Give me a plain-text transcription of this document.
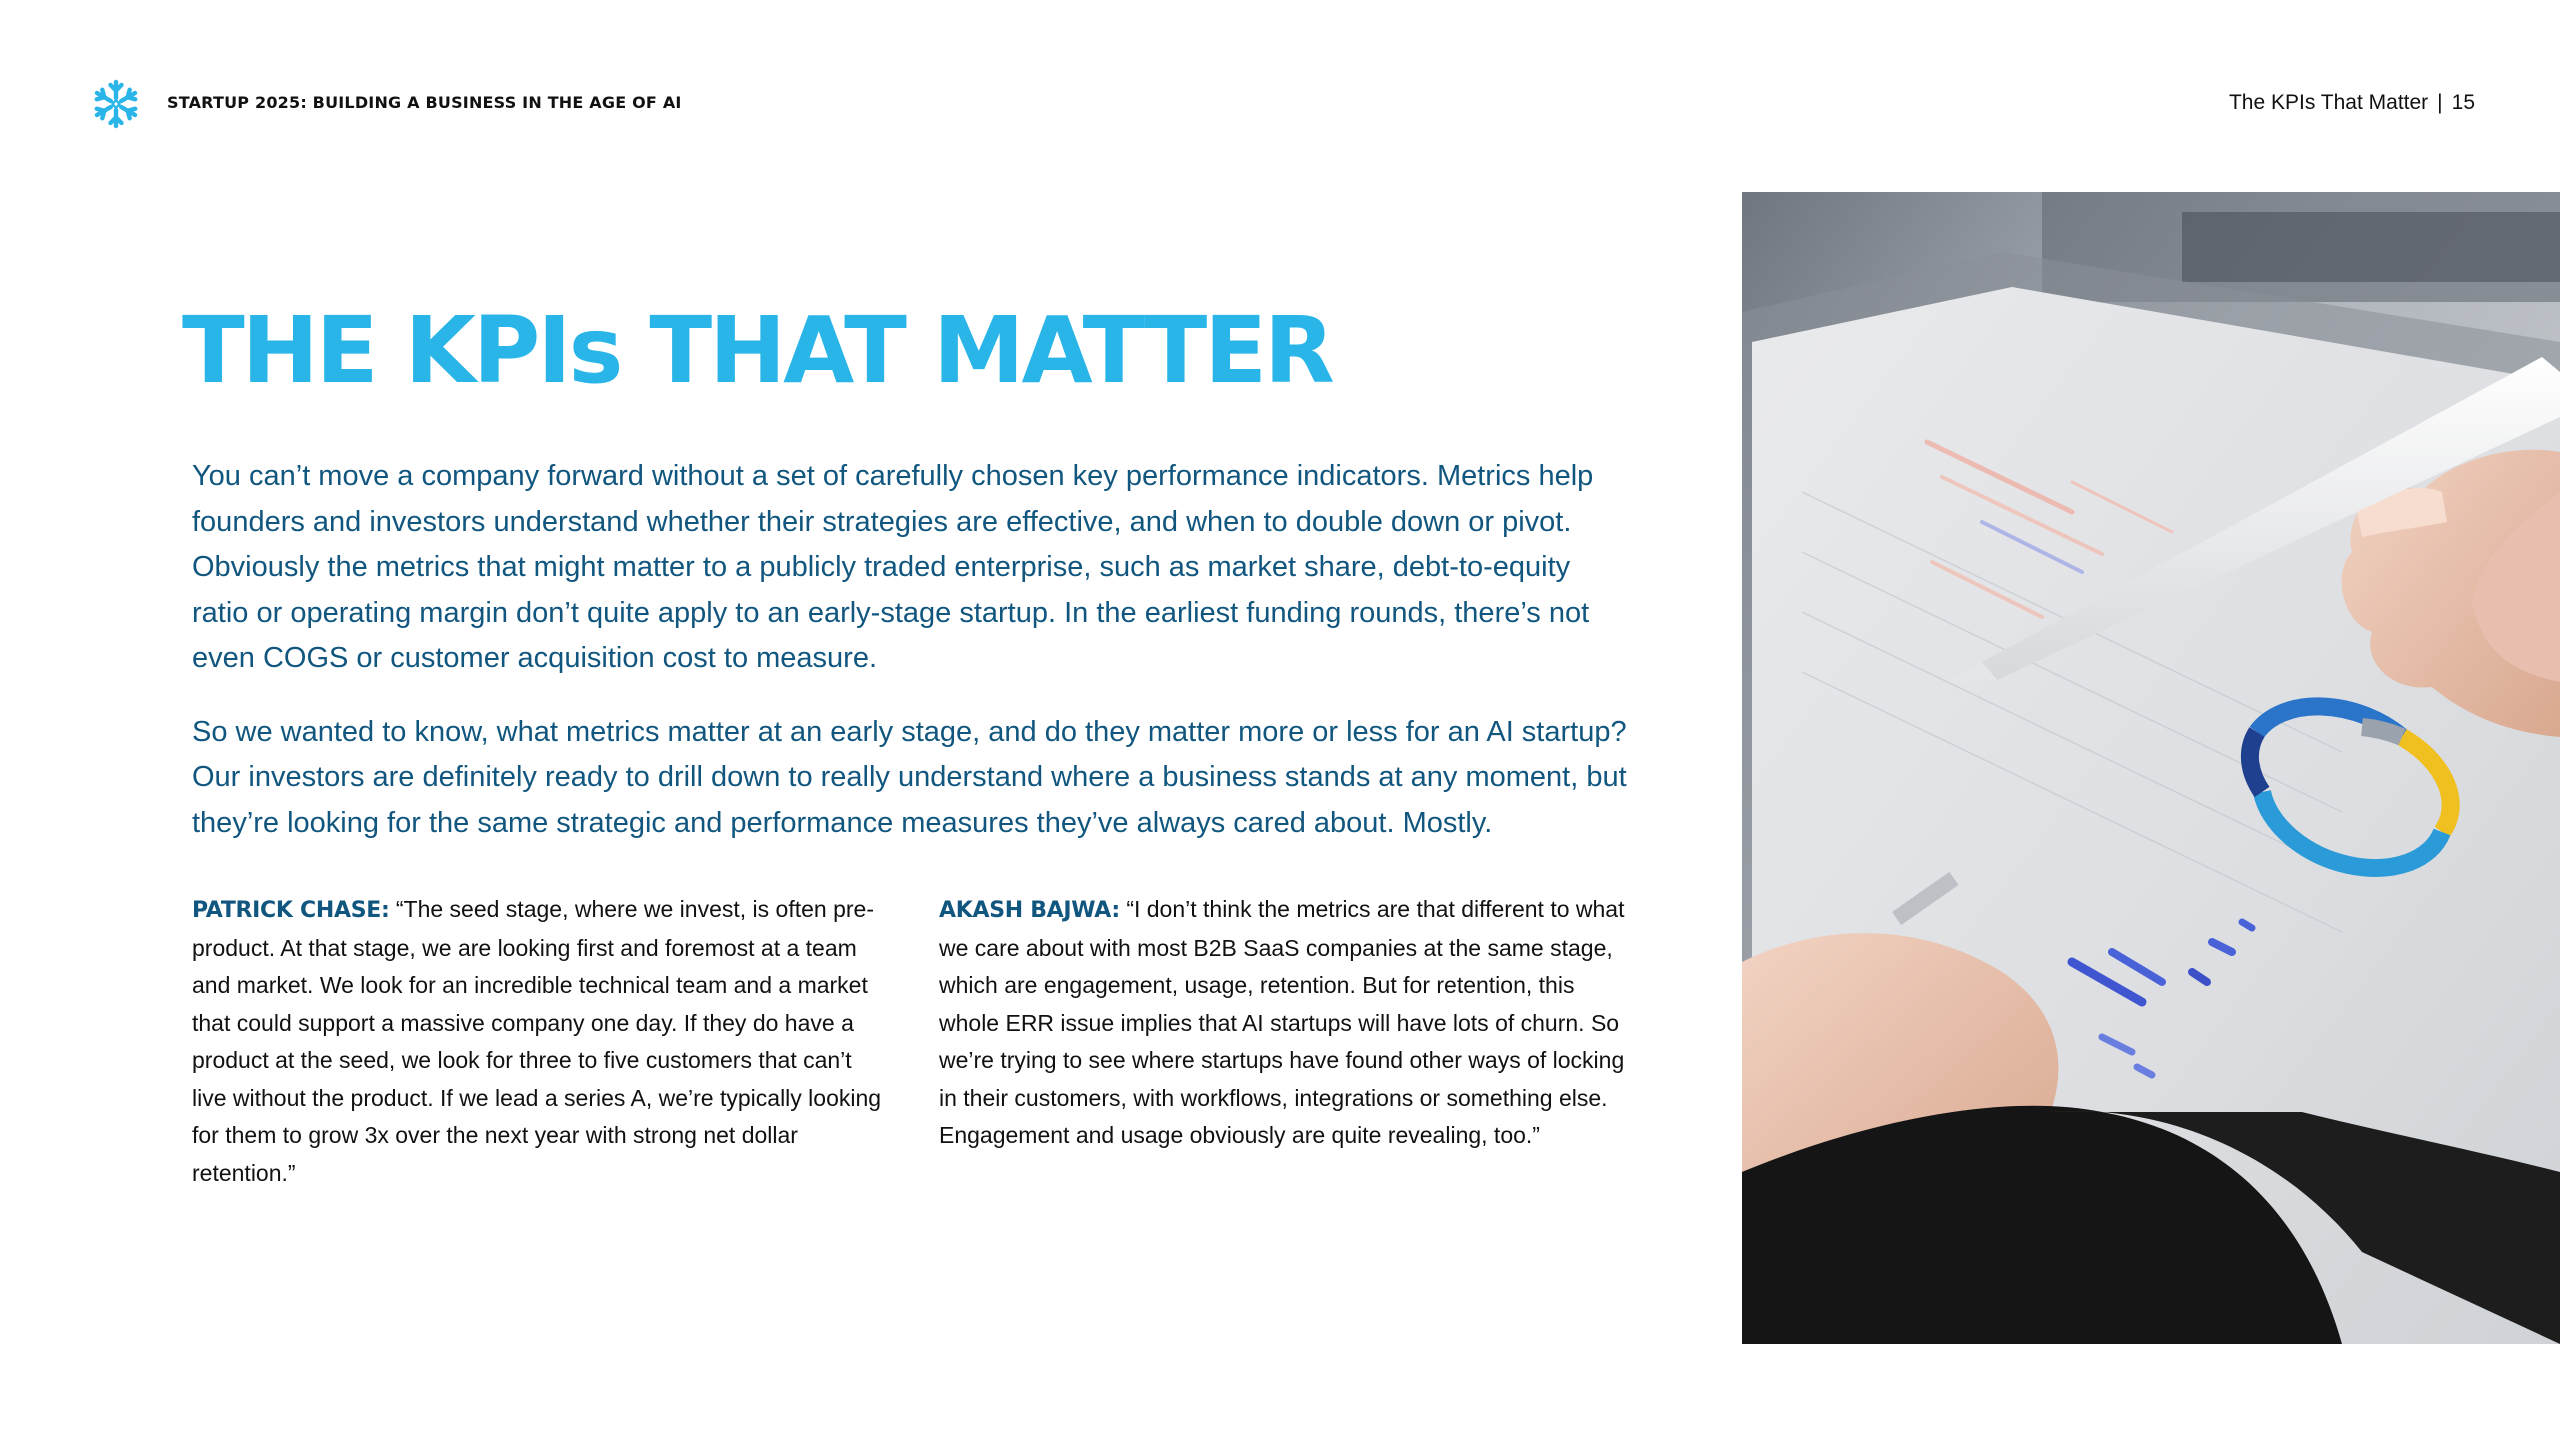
STARTUP 2025: BUILDING A BUSINESS IN THE AGE OF AI	The KPIs That Matter | 15
THE KPIs THAT MATTER

You can’t move a company forward without a set of carefully chosen key performance indicators. Metrics help founders and investors understand whether their strategies are effective, and when to double down or pivot. Obviously the metrics that might matter to a publicly traded enterprise, such as market share, debt-to-equity ratio or operating margin don’t quite apply to an early-stage startup. In the earliest funding rounds, there’s not even COGS or customer acquisition cost to measure.

So we wanted to know, what metrics matter at an early stage, and do they matter more or less for an AI startup? Our investors are definitely ready to drill down to really understand where a business stands at any moment, but they’re looking for the same strategic and performance measures they’ve always cared about. Mostly.

PATRICK CHASE: “The seed stage, where we invest, is often pre-product. At that stage, we are looking first and foremost at a team and market. We look for an incredible technical team and a market that could support a massive company one day. If they do have a product at the seed, we look for three to five customers that can’t live without the product. If we lead a series A, we’re typically looking for them to grow 3x over the next year with strong net dollar retention.”
AKASH BAJWA: “I don’t think the metrics are that different to what we care about with most B2B SaaS companies at the same stage, which are engagement, usage, retention. But for retention, this whole ERR issue implies that AI startups will have lots of churn. So we’re trying to see where startups have found other ways of locking in their customers, with workflows, integrations or something else. Engagement and usage obviously are quite revealing, too.”
